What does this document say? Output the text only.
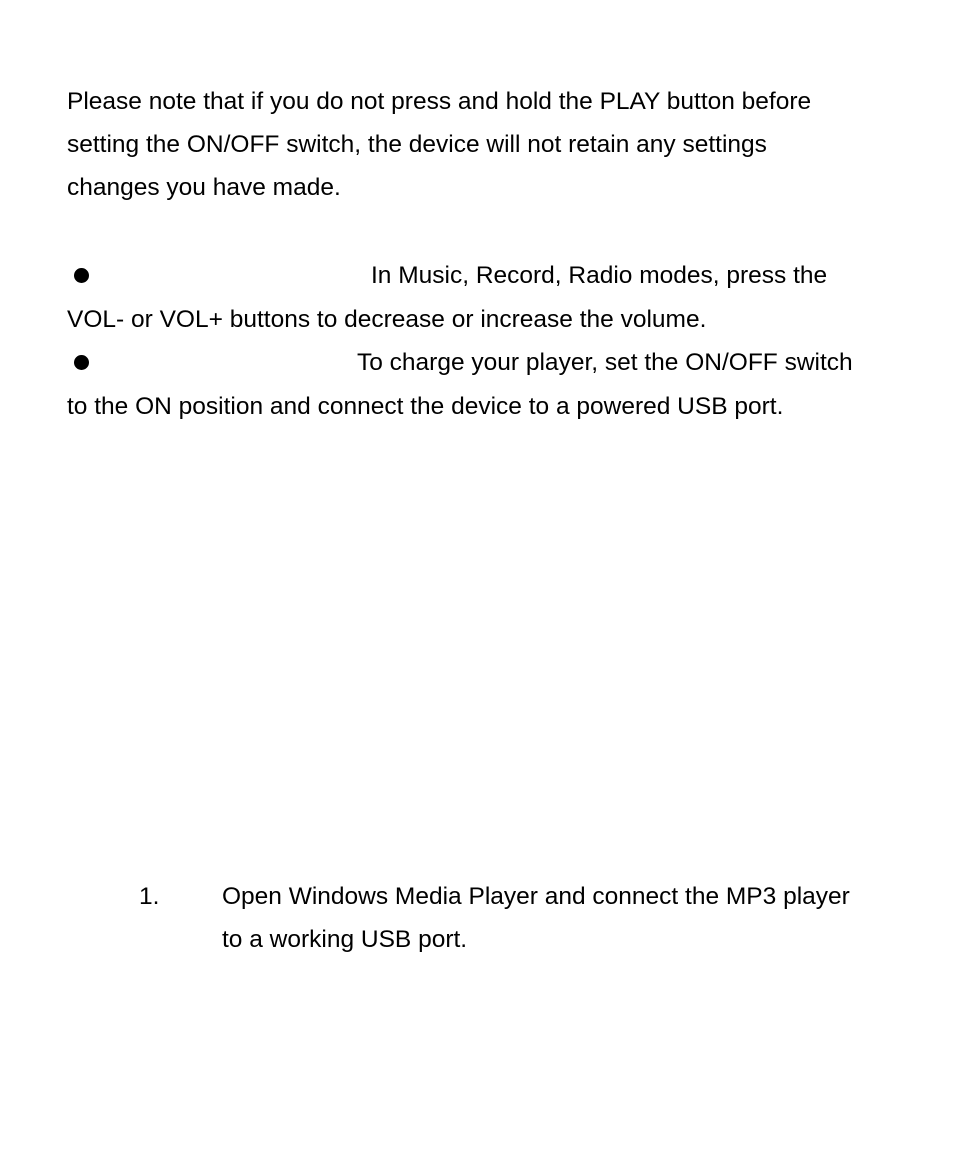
Please note that if you do not press and hold the PLAY button before
setting the ON/OFF switch, the device will not retain any settings
changes you have made.
In Music, Record, Radio modes, press the
VOL- or VOL+ buttons to decrease or increase the volume.
To charge your player, set the ON/OFF switch
to the ON position and connect the device to a powered USB port.
1.	Open Windows Media Player and connect the MP3 player
to a working USB port.
